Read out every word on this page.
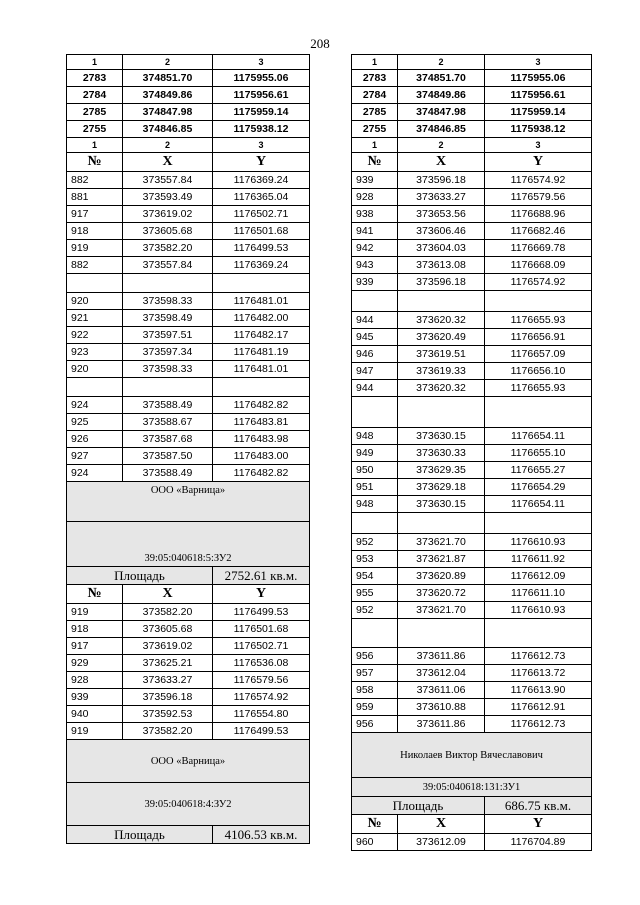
208
1	2	3
2783	374851.70	1175955.06
2784	374849.86	1175956.61
2785	374847.98	1175959.14
2755	374846.85	1175938.12
1	2	3
№	X	Y
882	373557.84	1176369.24
881	373593.49	1176365.04
917	373619.02	1176502.71
918	373605.68	1176501.68
919	373582.20	1176499.53
882	373557.84	1176369.24

920	373598.33	1176481.01
921	373598.49	1176482.00
922	373597.51	1176482.17
923	373597.34	1176481.19
920	373598.33	1176481.01

924	373588.49	1176482.82
925	373588.67	1176483.81
926	373587.68	1176483.98
927	373587.50	1176483.00
924	373588.49	1176482.82
ООО «Варница»		
39:05:040618:5:ЗУ2		
Площадь		2752.61 кв.м.
№	X	Y
919	373582.20	1176499.53
918	373605.68	1176501.68
917	373619.02	1176502.71
929	373625.21	1176536.08
928	373633.27	1176579.56
939	373596.18	1176574.92
940	373592.53	1176554.80
919	373582.20	1176499.53
ООО «Варница»		
39:05:040618:4:ЗУ2		
Площадь		4106.53 кв.м.
1	2	3
2783	374851.70	1175955.06
2784	374849.86	1175956.61
2785	374847.98	1175959.14
2755	374846.85	1175938.12
1	2	3
№	X	Y
939	373596.18	1176574.92
928	373633.27	1176579.56
938	373653.56	1176688.96
941	373606.46	1176682.46
942	373604.03	1176669.78
943	373613.08	1176668.09
939	373596.18	1176574.92

944	373620.32	1176655.93
945	373620.49	1176656.91
946	373619.51	1176657.09
947	373619.33	1176656.10
944	373620.32	1176655.93

948	373630.15	1176654.11
949	373630.33	1176655.10
950	373629.35	1176655.27
951	373629.18	1176654.29
948	373630.15	1176654.11

952	373621.70	1176610.93
953	373621.87	1176611.92
954	373620.89	1176612.09
955	373620.72	1176611.10
952	373621.70	1176610.93

956	373611.86	1176612.73
957	373612.04	1176613.72
958	373611.06	1176613.90
959	373610.88	1176612.91
956	373611.86	1176612.73
Николаев Виктор Вячеславович		
39:05:040618:131:ЗУ1		
Площадь		686.75 кв.м.
№	X	Y
960	373612.09	1176704.89
